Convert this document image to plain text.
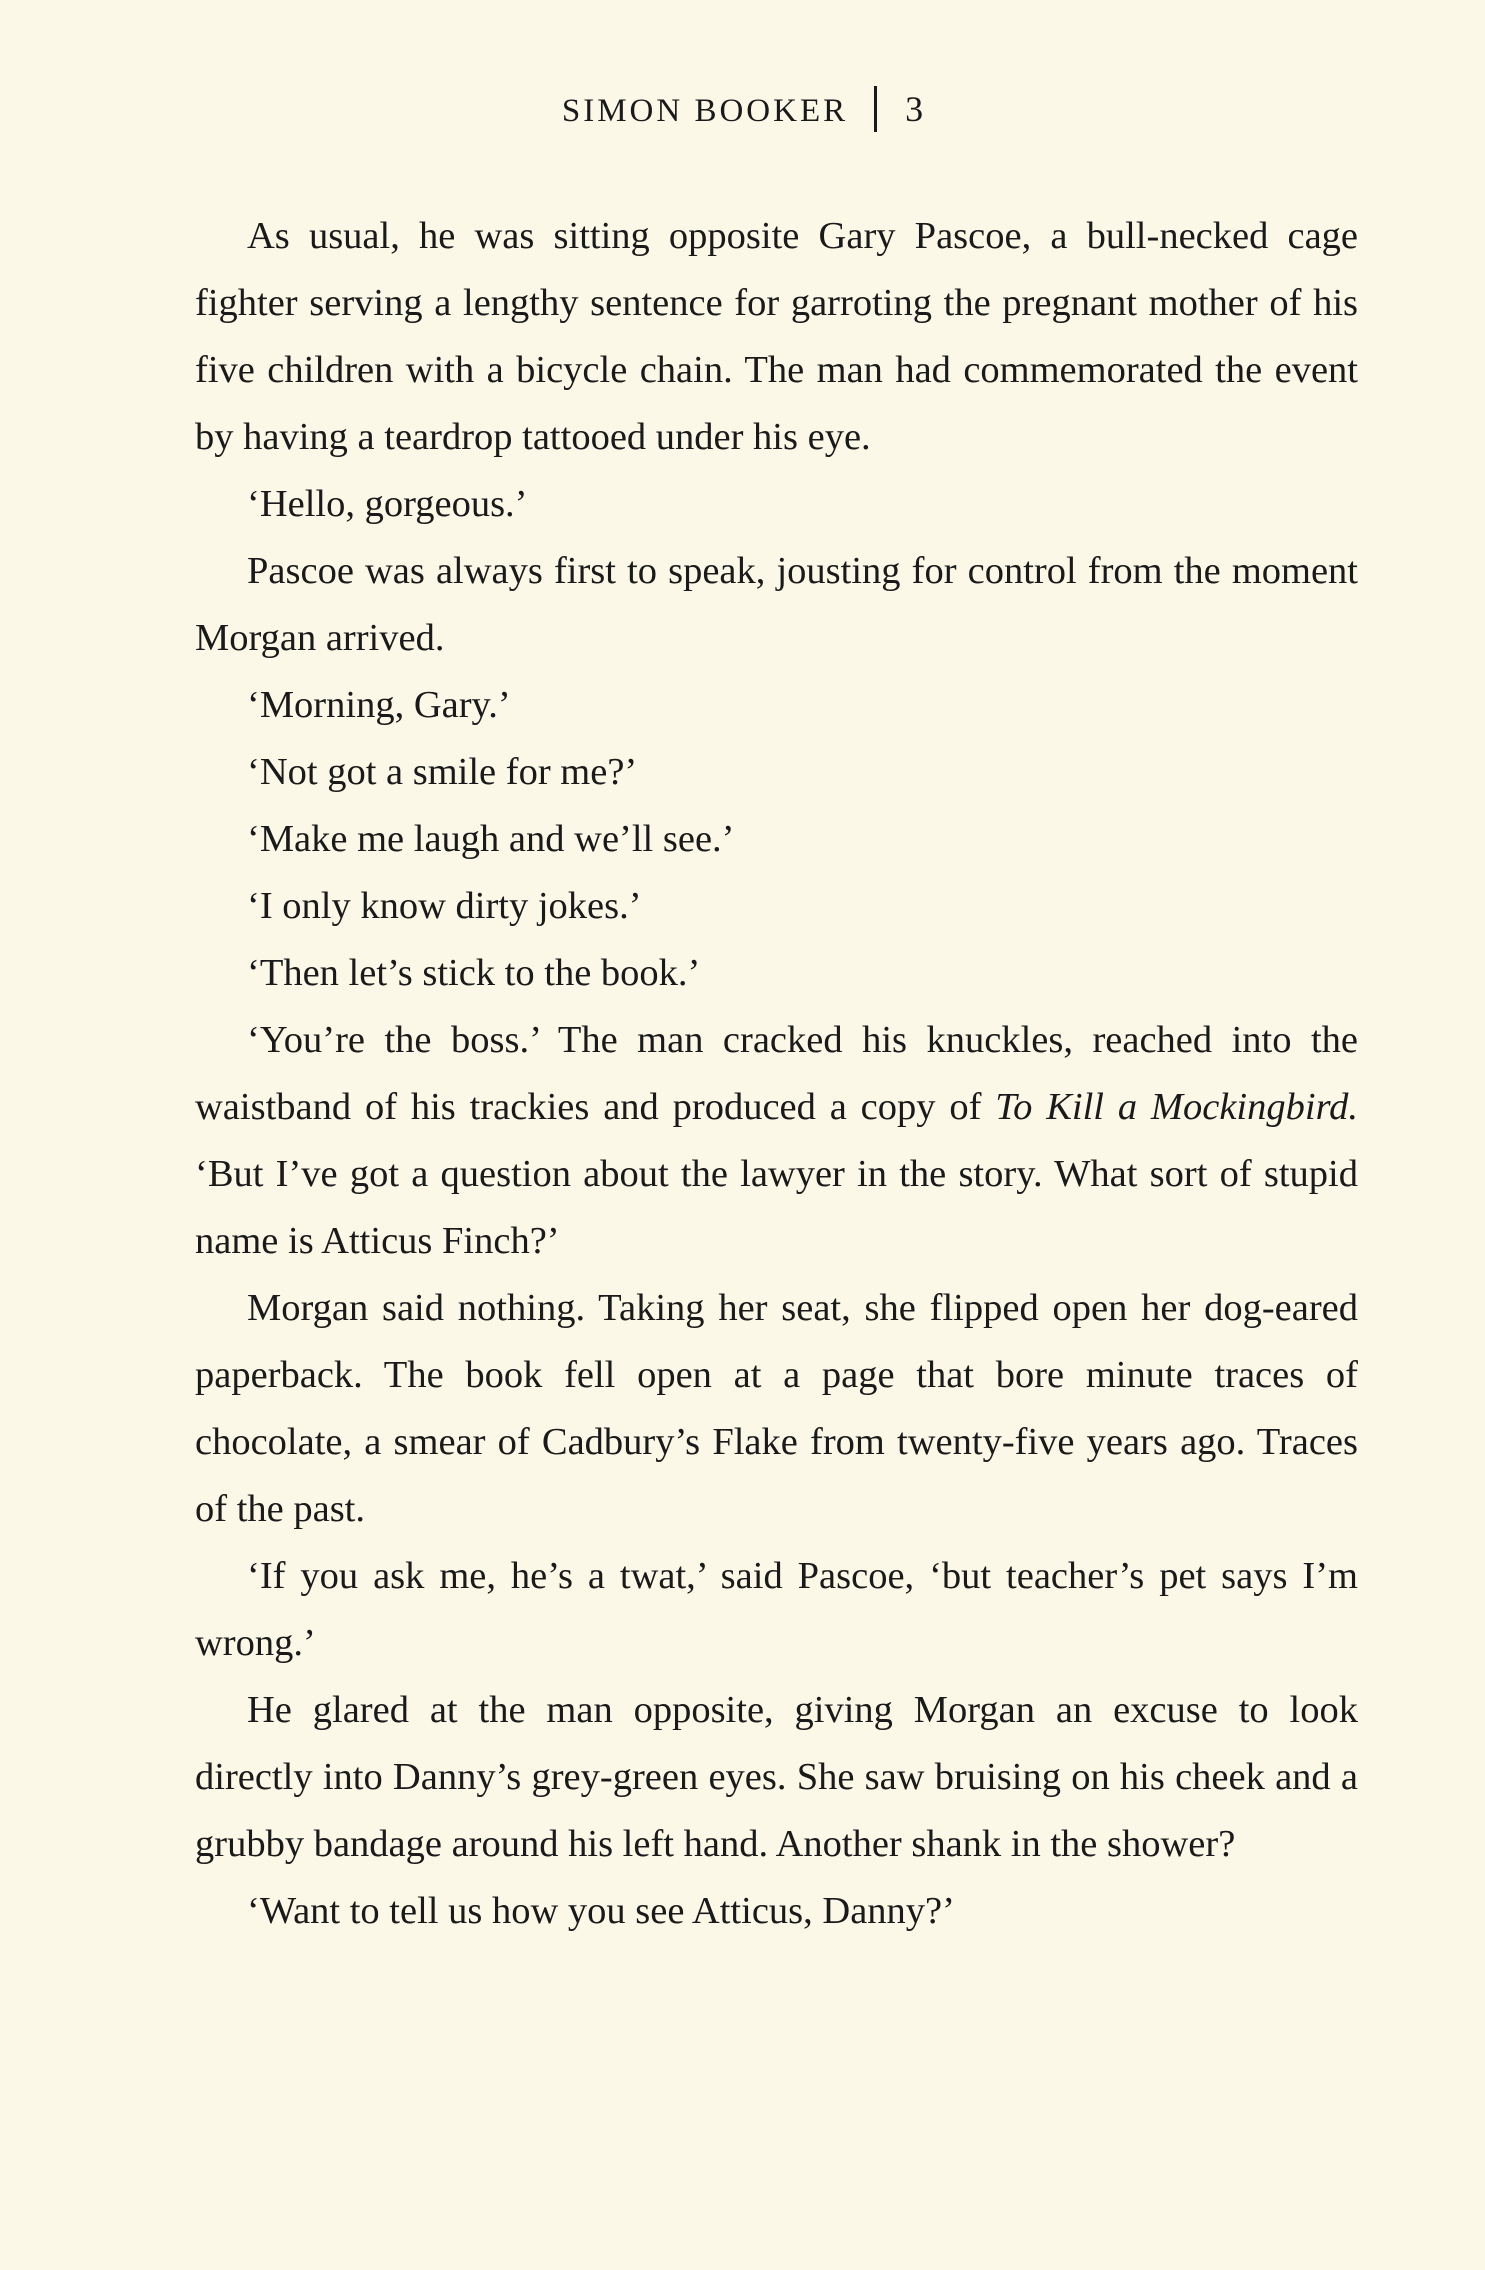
SIMON BOOKER 3

As usual, he was sitting opposite Gary Pascoe, a bull-necked cage fighter serving a lengthy sentence for garroting the pregnant mother of his five children with a bicycle chain. The man had commemorated the event by having a teardrop tattooed under his eye.

‘Hello, gorgeous.’

Pascoe was always first to speak, jousting for control from the moment Morgan arrived.

‘Morning, Gary.’

‘Not got a smile for me?’

‘Make me laugh and we’ll see.’

‘I only know dirty jokes.’

‘Then let’s stick to the book.’

‘You’re the boss.’ The man cracked his knuckles, reached into the waistband of his trackies and produced a copy of To Kill a Mockingbird. ‘But I’ve got a question about the lawyer in the story. What sort of stupid name is Atticus Finch?’

Morgan said nothing. Taking her seat, she flipped open her dog-eared paperback. The book fell open at a page that bore minute traces of chocolate, a smear of Cadbury’s Flake from twenty-five years ago. Traces of the past.

‘If you ask me, he’s a twat,’ said Pascoe, ‘but teacher’s pet says I’m wrong.’

He glared at the man opposite, giving Morgan an excuse to look directly into Danny’s grey-green eyes. She saw bruising on his cheek and a grubby bandage around his left hand. Another shank in the shower?

‘Want to tell us how you see Atticus, Danny?’
